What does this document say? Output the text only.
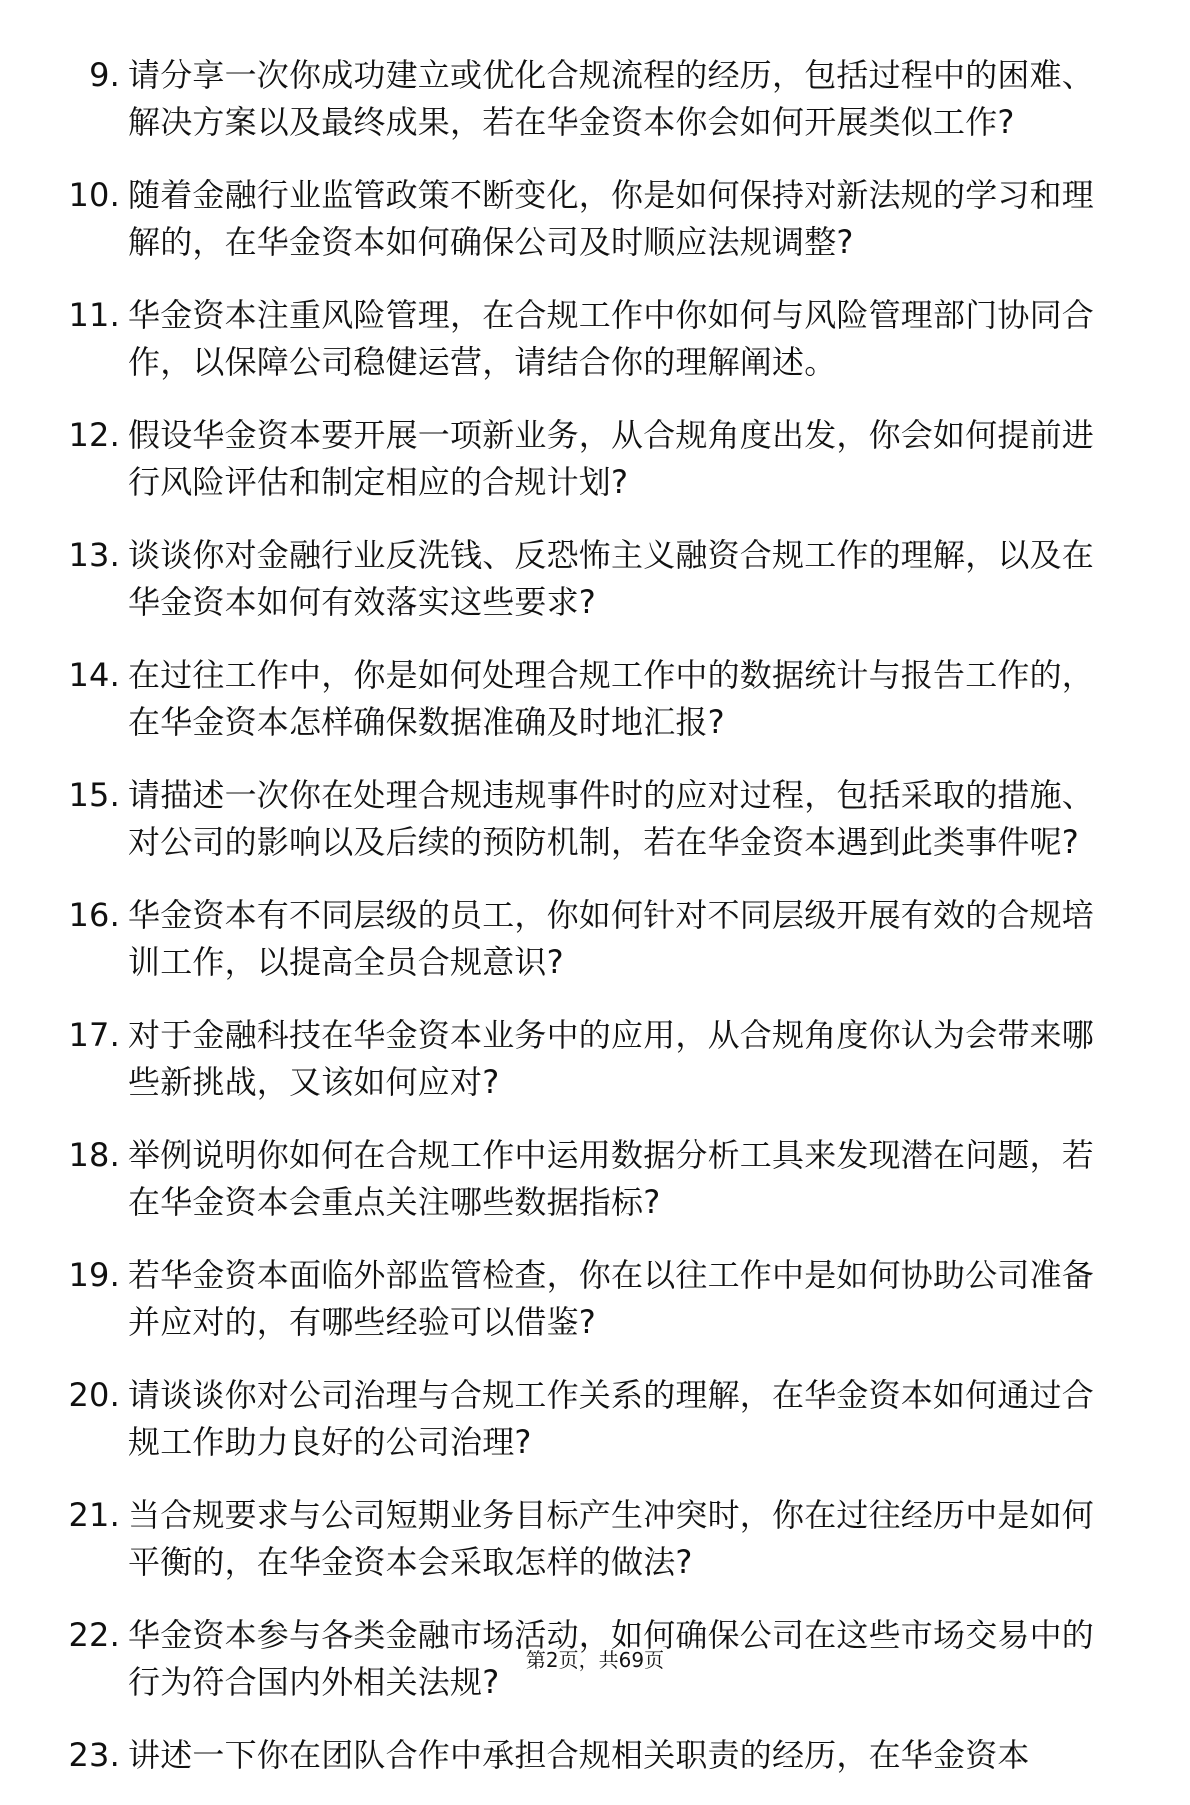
9. 请分享一次你成功建立或优化合规流程的经历，包括过程中的困难、解决方案以及最终成果，若在华金资本你会如何开展类似工作?
10. 随着金融行业监管政策不断变化，你是如何保持对新法规的学习和理解的，在华金资本如何确保公司及时顺应法规调整?
11. 华金资本注重风险管理，在合规工作中你如何与风险管理部门协同合作，以保障公司稳健运营，请结合你的理解阐述。
12. 假设华金资本要开展一项新业务，从合规角度出发，你会如何提前进行风险评估和制定相应的合规计划?
13. 谈谈你对金融行业反洗钱、反恐怖主义融资合规工作的理解，以及在华金资本如何有效落实这些要求?
14. 在过往工作中，你是如何处理合规工作中的数据统计与报告工作的，在华金资本怎样确保数据准确及时地汇报?
15. 请描述一次你在处理合规违规事件时的应对过程，包括采取的措施、对公司的影响以及后续的预防机制，若在华金资本遇到此类事件呢?
16. 华金资本有不同层级的员工，你如何针对不同层级开展有效的合规培训工作，以提高全员合规意识?
17. 对于金融科技在华金资本业务中的应用，从合规角度你认为会带来哪些新挑战，又该如何应对?
18. 举例说明你如何在合规工作中运用数据分析工具来发现潜在问题，若在华金资本会重点关注哪些数据指标?
19. 若华金资本面临外部监管检查，你在以往工作中是如何协助公司准备并应对的，有哪些经验可以借鉴?
20. 请谈谈你对公司治理与合规工作关系的理解，在华金资本如何通过合规工作助力良好的公司治理?
21. 当合规要求与公司短期业务目标产生冲突时，你在过往经历中是如何平衡的，在华金资本会采取怎样的做法?
22. 华金资本参与各类金融市场活动，如何确保公司在这些市场交易中的行为符合国内外相关法规?
23. 讲述一下你在团队合作中承担合规相关职责的经历，在华金资本
第2页，共69页
